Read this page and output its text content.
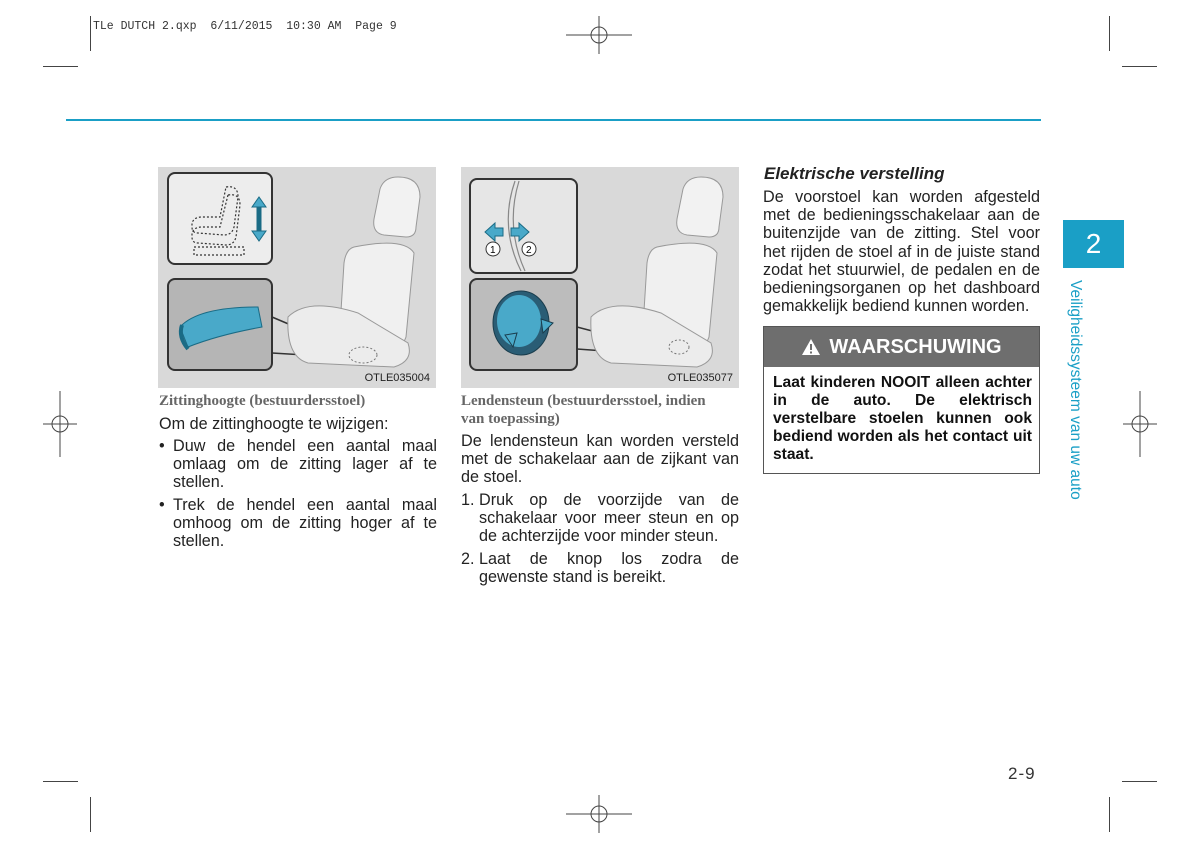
TLe DUTCH 2.qxp  6/11/2015  10:30 AM  Page 9
OTLE035004
Zittinghoogte (bestuurdersstoel)
Om de zittinghoogte te wijzigen:
• Duw de hendel een aantal maal omlaag om de zitting lager af te stellen.
• Trek de hendel een aantal maal omhoog om de zitting hoger af te stellen.
1	2
OTLE035077
Lendensteun (bestuurdersstoel, indien van toepassing)
De lendensteun kan worden versteld met de schakelaar aan de zijkant van de stoel.
1. Druk op de voorzijde van de schakelaar voor meer steun en op de achterzijde voor minder steun.
2. Laat de knop los zodra de gewenste stand is bereikt.
Elektrische verstelling
De voorstoel kan worden afgesteld met de bedieningsschakelaar aan de buitenzijde van de zitting. Stel voor het rijden de stoel af in de juiste stand zodat het stuurwiel, de pedalen en de bedieningsorganen op het dashboard gemakkelijk bediend kunnen worden.
WAARSCHUWING
Laat kinderen NOOIT alleen achter in de auto. De elektrisch verstelbare stoelen kunnen ook bediend worden als het contact uit staat.
2
Veiligheidssysteem van uw auto
2-9
